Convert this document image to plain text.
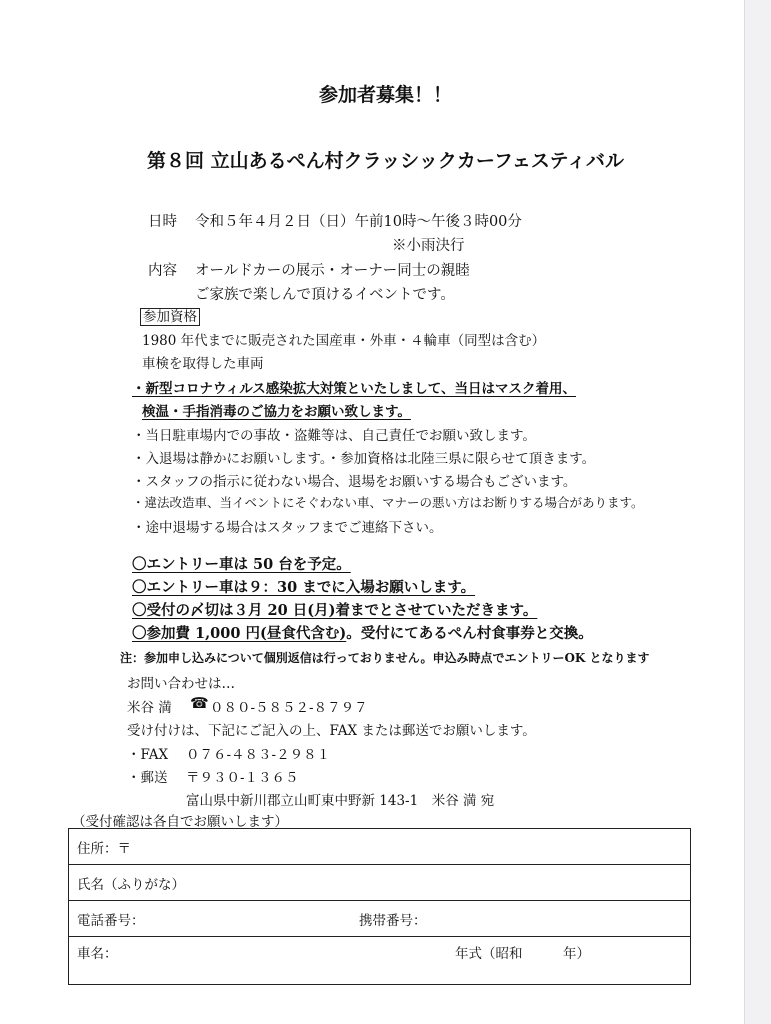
参加者募集！！
第８回 立山あるぺん村クラッシックカーフェスティバル
日時 令和５年４月２日（日）午前10時～午後３時00分
※小雨決行
内容 オールドカーの展示・オーナー同士の親睦
ご家族で楽しんで頂けるイベントです。
参加資格
1980 年代までに販売された国産車・外車・４輪車（同型は含む）
車検を取得した車両
・新型コロナウィルス感染拡大対策といたしまして、当日はマスク着用、
検温・手指消毒のご協力をお願い致します。
・当日駐車場内での事故・盗難等は、自己責任でお願い致します。
・入退場は静かにお願いします。・参加資格は北陸三県に限らせて頂きます。
・スタッフの指示に従わない場合、退場をお願いする場合もございます。
・違法改造車、当イベントにそぐわない車、マナーの悪い方はお断りする場合があります。
・途中退場する場合はスタッフまでご連絡下さい。
〇エントリー車は 50 台を予定。
〇エントリー車は９：30 までに入場お願いします。
〇受付の〆切は３月 20 日(月)着までとさせていただきます。
〇参加費 1,000 円(昼食代含む)。受付にてあるぺん村食事券と交換。
注：参加申し込みについて個別返信は行っておりません。申込み時点でエントリーOK となります
お問い合わせは…
米谷 満 ☎ ０８０-５８５２-８７９７
受け付けは、下記にご記入の上、FAX または郵送でお願いします。
・FAX ０７６-４８３-２９８１
・郵送 〒９３０-１３６５
富山県中新川郡立山町東中野新 143-1　米谷 満 宛
（受付確認は各自でお願いします）
住所：〒
氏名（ふりがな）
電話番号：	携帯番号：
車名：	年式（昭和　　　年）
